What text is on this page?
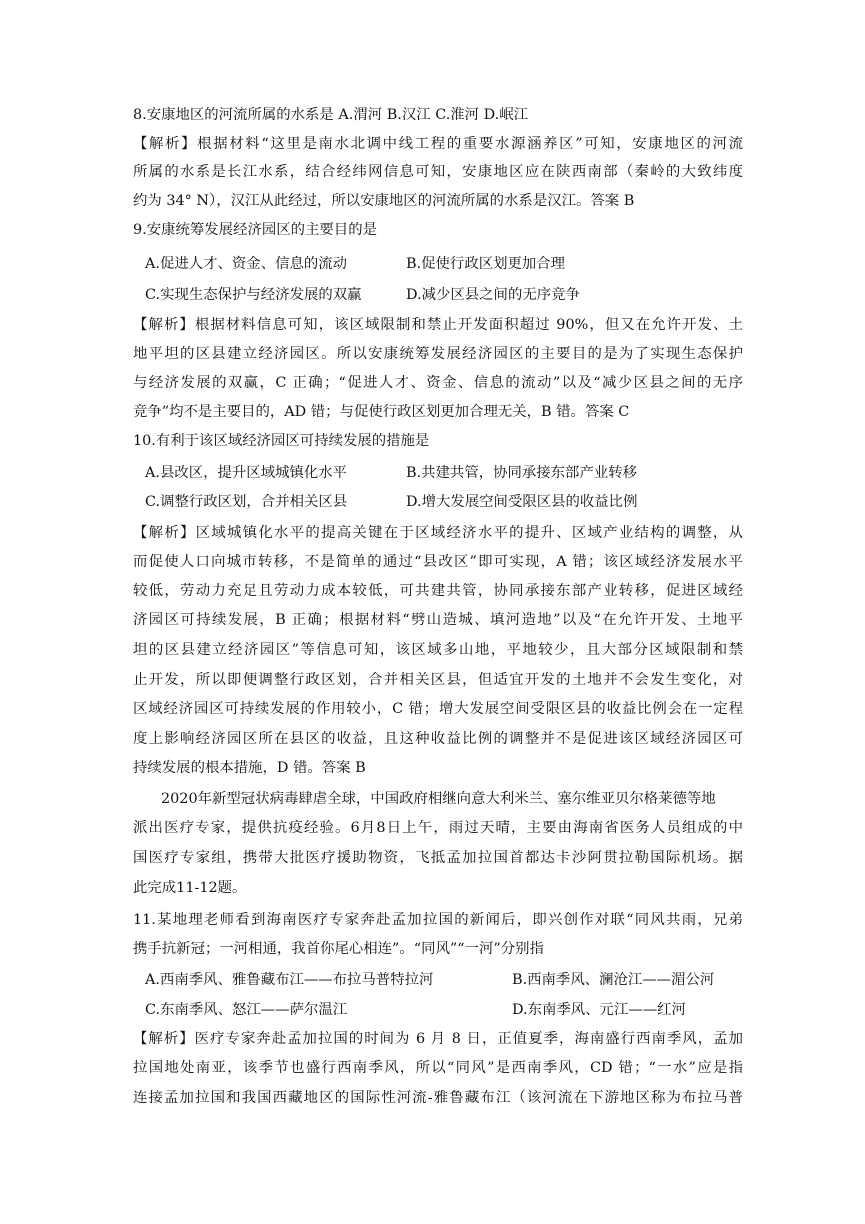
8.安康地区的河流所属的水系是 A.渭河 B.汉江 C.淮河 D.岷江
【解析】根据材料“这里是南水北调中线工程的重要水源涵养区”可知，安康地区的河流
所属的水系是长江水系，结合经纬网信息可知，安康地区应在陕西南部（秦岭的大致纬度
约为 34° N），汉江从此经过，所以安康地区的河流所属的水系是汉江。答案 B
9.安康统筹发展经济园区的主要目的是
A.促进人才、资金、信息的流动	B.促使行政区划更加合理
C.实现生态保护与经济发展的双赢	D.减少区县之间的无序竞争
【解析】根据材料信息可知，该区域限制和禁止开发面积超过 90%，但又在允许开发、土
地平坦的区县建立经济园区。所以安康统筹发展经济园区的主要目的是为了实现生态保护
与经济发展的双赢，C 正确；“促进人才、资金、信息的流动”以及“减少区县之间的无序
竞争”均不是主要目的，AD 错；与促使行政区划更加合理无关，B 错。答案 C
10.有利于该区域经济园区可持续发展的措施是
A.县改区，提升区域城镇化水平	B.共建共管，协同承接东部产业转移
C.调整行政区划，合并相关区县	D.增大发展空间受限区县的收益比例
【解析】区域城镇化水平的提高关键在于区域经济水平的提升、区域产业结构的调整，从
而促使人口向城市转移，不是简单的通过“县改区”即可实现，A 错；该区域经济发展水平
较低，劳动力充足且劳动力成本较低，可共建共管，协同承接东部产业转移，促进区域经
济园区可持续发展，B 正确；根据材料“劈山造城、填河造地”以及“在允许开发、土地平
坦的区县建立经济园区”等信息可知，该区域多山地，平地较少，且大部分区域限制和禁
止开发，所以即便调整行政区划，合并相关区县，但适宜开发的土地并不会发生变化，对
区域经济园区可持续发展的作用较小，C 错；增大发展空间受限区县的收益比例会在一定程
度上影响经济园区所在县区的收益，且这种收益比例的调整并不是促进该区域经济园区可
持续发展的根本措施，D 错。答案 B
2020年新型冠状病毒肆虐全球，中国政府相继向意大利米兰、塞尔维亚贝尔格莱德等地
派出医疗专家，提供抗疫经验。6月8日上午，雨过天晴，主要由海南省医务人员组成的中
国医疗专家组，携带大批医疗援助物资，飞抵孟加拉国首都达卡沙阿贯拉勒国际机场。据
此完成11-12题。
11.某地理老师看到海南医疗专家奔赴孟加拉国的新闻后，即兴创作对联“同风共雨，兄弟
携手抗新冠；一河相通，我首你尾心相连”。“同风”“一河”分别指
A.西南季风、雅鲁藏布江——布拉马普特拉河	B.西南季风、澜沧江——湄公河
C.东南季风、怒江——萨尔温江	D.东南季风、元江——红河
【解析】医疗专家奔赴孟加拉国的时间为 6 月 8 日，正值夏季，海南盛行西南季风，孟加
拉国地处南亚，该季节也盛行西南季风，所以“同风”是西南季风，CD 错；“一水”应是指
连接孟加拉国和我国西藏地区的国际性河流-雅鲁藏布江（该河流在下游地区称为布拉马普
